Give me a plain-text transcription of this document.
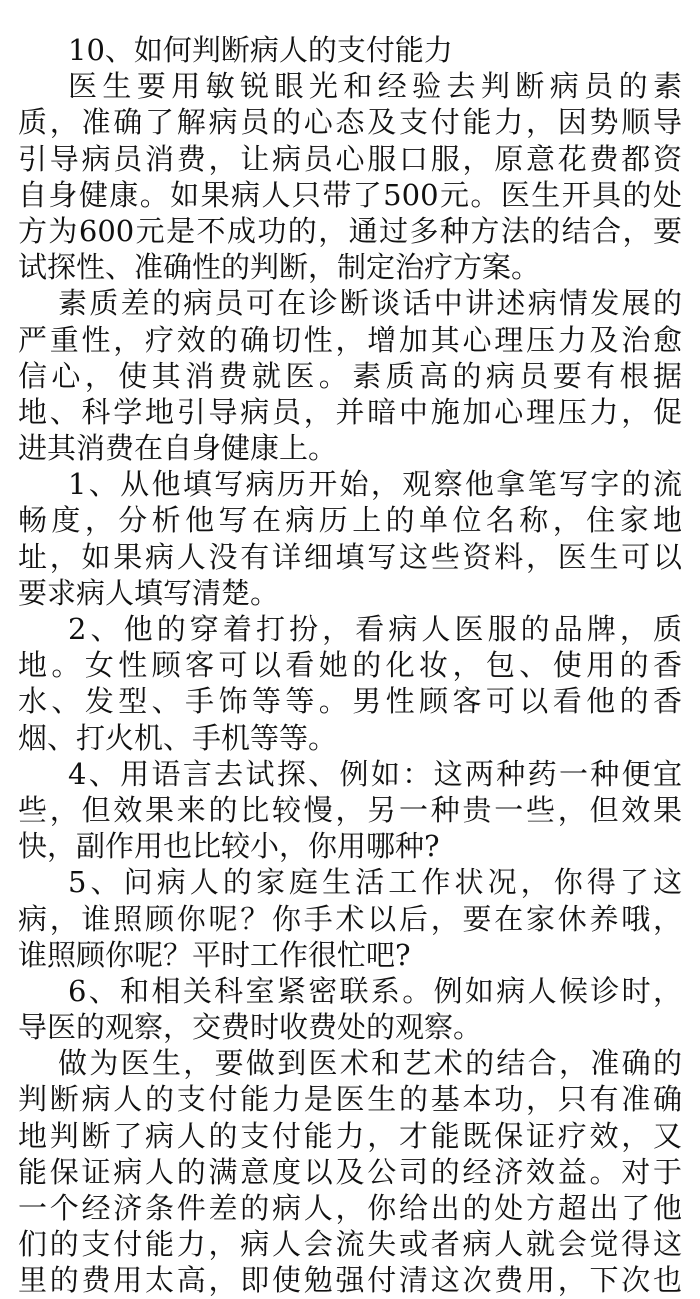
10、如何判断病人的支付能力
医生要用敏锐眼光和经验去判断病员的素
质，准确了解病员的心态及支付能力，因势顺导
引导病员消费，让病员心服口服，原意花费都资
自身健康。如果病人只带了500元。医生开具的处
方为600元是不成功的，通过多种方法的结合，要
试探性、准确性的判断，制定治疗方案。
素质差的病员可在诊断谈话中讲述病情发展的
严重性，疗效的确切性，增加其心理压力及治愈
信心，使其消费就医。素质高的病员要有根据
地、科学地引导病员，并暗中施加心理压力，促
进其消费在自身健康上。
1、从他填写病历开始，观察他拿笔写字的流
畅度，分析他写在病历上的单位名称，住家地
址，如果病人没有详细填写这些资料，医生可以
要求病人填写清楚。
2、他的穿着打扮，看病人医服的品牌，质
地。女性顾客可以看她的化妆，包、使用的香
水、发型、手饰等等。男性顾客可以看他的香
烟、打火机、手机等等。
4、用语言去试探、例如：这两种药一种便宜
些，但效果来的比较慢，另一种贵一些，但效果
快，副作用也比较小，你用哪种?
5、问病人的家庭生活工作状况，你得了这
病，谁照顾你呢？你手术以后，要在家休养哦，
谁照顾你呢？平时工作很忙吧?
6、和相关科室紧密联系。例如病人候诊时，
导医的观察，交费时收费处的观察。
做为医生，要做到医术和艺术的结合，准确的
判断病人的支付能力是医生的基本功，只有准确
地判断了病人的支付能力，才能既保证疗效，又
能保证病人的满意度以及公司的经济效益。对于
一个经济条件差的病人，你给出的处方超出了他
们的支付能力，病人会流失或者病人就会觉得这
里的费用太高，即使勉强付清这次费用，下次也
